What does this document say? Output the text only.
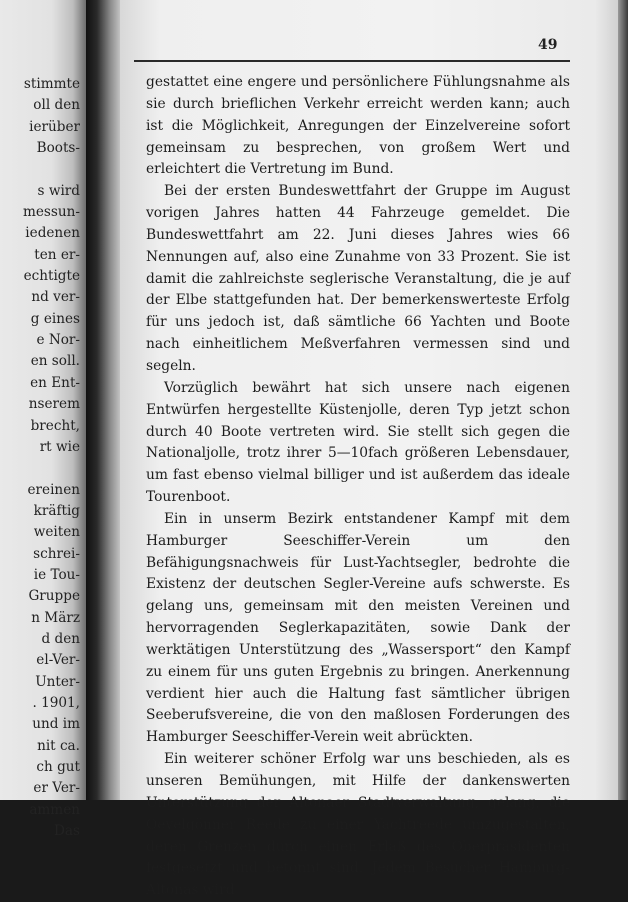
stimmte
oll den
ierüber
Boots-
s wird
messun-
iedenen
ten er-
echtigte
nd ver-
g eines
e Nor-
en soll.
en Ent-
nserem
brecht,
rt wie
ereinen
kräftig
weiten
schrei-
ie Tou-
Gruppe
n März
d den
el-Ver-
Unter-
. 1901,
und im
nit ca.
ch gut
er Ver-
ammen
Das
49

gestattet eine engere und persönlichere Fühlungsnahme als sie durch brieflichen Verkehr erreicht werden kann; auch ist die Möglichkeit, Anregungen der Einzelvereine sofort gemeinsam zu besprechen, von großem Wert und erleichtert die Vertretung im Bund.

Bei der ersten Bundeswettfahrt der Gruppe im August vorigen Jahres hatten 44 Fahrzeuge gemeldet. Die Bundeswettfahrt am 22. Juni dieses Jahres wies 66 Nennungen auf, also eine Zunahme von 33 Prozent. Sie ist damit die zahlreichste seglerische Veranstaltung, die je auf der Elbe stattgefunden hat. Der bemerkenswerteste Erfolg für uns jedoch ist, daß sämtliche 66 Yachten und Boote nach einheitlichem Meßverfahren vermessen sind und segeln.

Vorzüglich bewährt hat sich unsere nach eigenen Entwürfen hergestellte Küstenjolle, deren Typ jetzt schon durch 40 Boote vertreten wird. Sie stellt sich gegen die Nationaljolle, trotz ihrer 5—10fach größeren Lebensdauer, um fast ebenso vielmal billiger und ist außerdem das ideale Tourenboot.

Ein in unserm Bezirk entstandener Kampf mit dem Hamburger Seeschiffer-Verein um den Befähigungsnachweis für Lust-Yachtsegler, bedrohte die Existenz der deutschen Segler-Vereine aufs schwerste. Es gelang uns, gemeinsam mit den meisten Vereinen und hervorragenden Seglerkapazitäten, sowie Dank der werktätigen Unterstützung des „Wassersport“ den Kampf zu einem für uns guten Ergebnis zu bringen. Anerkennung verdient hier auch die Haltung fast sämtlicher übrigen Seeberufsvereine, die von den maßlosen Forderungen des Hamburger Seeschiffer-Verein weit abrückten.

Ein weiterer schöner Erfolg war uns beschieden, als es unseren Bemühungen, mit Hilfe der dankenswerten Unterstützung der Altonaer Stadtverwaltung, gelang, die Oevelgönner Reede zu einer Yachtreede umzugestalten, deren Grenzen durch einen Erlaß des Oberpräsidenten festgesetzt und betonnt sind. Jedem Besucher Hamburg-Altonas wird
